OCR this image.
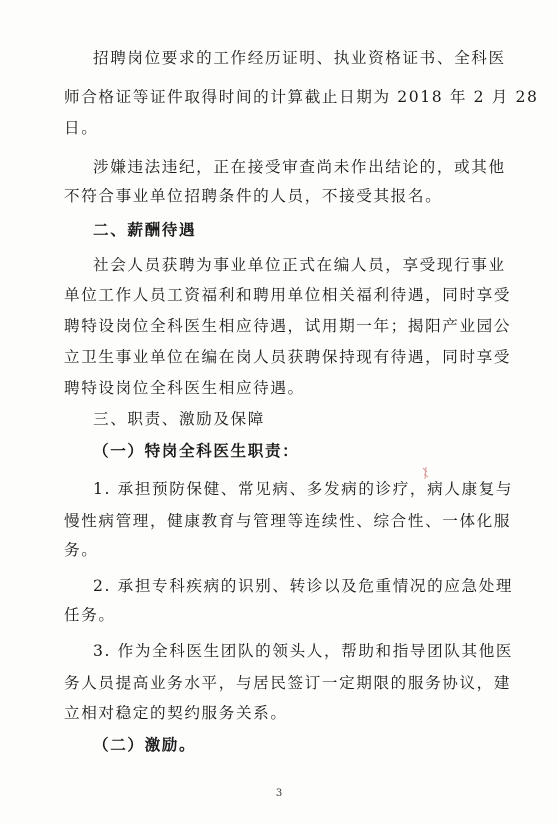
招聘岗位要求的工作经历证明、执业资格证书、全科医
师合格证等证件取得时间的计算截止日期为 2018 年 2 月 28
日。
涉嫌违法违纪，正在接受审查尚未作出结论的，或其他
不符合事业单位招聘条件的人员，不接受其报名。
二、薪酬待遇
社会人员获聘为事业单位正式在编人员，享受现行事业
单位工作人员工资福利和聘用单位相关福利待遇，同时享受
聘特设岗位全科医生相应待遇，试用期一年；揭阳产业园公
立卫生事业单位在编在岗人员获聘保持现有待遇，同时享受
聘特设岗位全科医生相应待遇。
三、职责、激励及保障
（一）特岗全科医生职责：
1. 承担预防保健、常见病、多发病的诊疗，病人康复与
慢性病管理，健康教育与管理等连续性、综合性、一体化服
务。
2. 承担专科疾病的识别、转诊以及危重情况的应急处理
任务。
3. 作为全科医生团队的领头人，帮助和指导团队其他医
务人员提高业务水平，与居民签订一定期限的服务协议，建
立相对稳定的契约服务关系。
（二）激励。
3
